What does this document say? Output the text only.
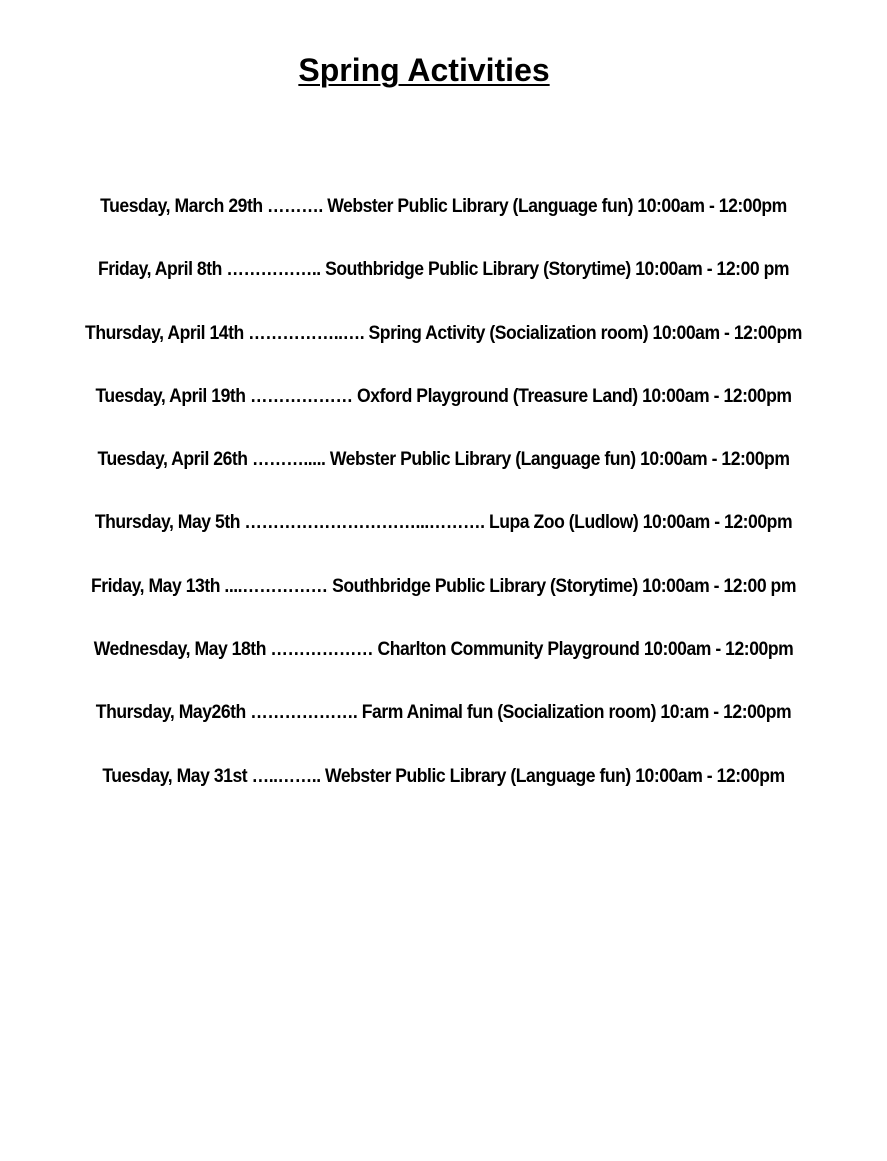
Spring Activities
Tuesday, March 29th ………. Webster Public Library (Language fun) 10:00am - 12:00pm
Friday, April 8th …………….. Southbridge Public Library (Storytime) 10:00am - 12:00 pm
Thursday, April 14th ……………..…. Spring Activity (Socialization room) 10:00am - 12:00pm
Tuesday, April 19th ……………… Oxford Playground (Treasure Land) 10:00am - 12:00pm
Tuesday, April 26th ………..... Webster Public Library (Language fun) 10:00am - 12:00pm
Thursday, May 5th …………………………...………. Lupa Zoo (Ludlow) 10:00am - 12:00pm
Friday, May 13th ....…………… Southbridge Public Library (Storytime) 10:00am - 12:00 pm
Wednesday, May 18th ……………… Charlton Community Playground 10:00am - 12:00pm
Thursday, May26th ………………. Farm Animal fun (Socialization room) 10:am - 12:00pm
Tuesday, May 31st …..…….. Webster Public Library (Language fun) 10:00am - 12:00pm
